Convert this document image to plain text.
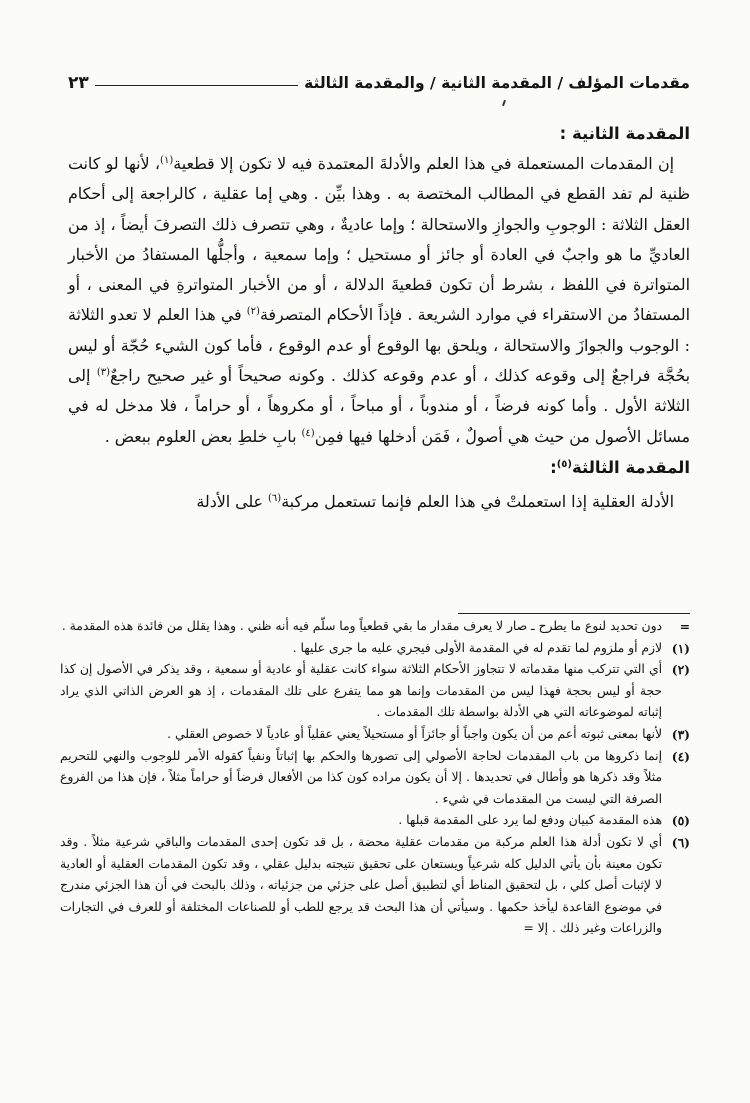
مقدمات المؤلف / المقدمة الثانية / والمقدمة الثالثة
٢٣
المقدمة الثانية :

إن المقدمات المستعملة في هذا العلم والأدلةَ المعتمدة فيه لا تكون إلا قطعية$^{(١)}$، لأنها لو كانت ظنية لم تفد القطع في المطالب المختصة به . وهذا بيِّن . وهي إما عقلية ، كالراجعة إلى أحكام العقل الثلاثة : الوجوبِ والجوازِ والاستحالة ؛ وإما عاديةٌ ، وهي تتصرف ذلك التصرفَ أيضاً ، إذ من العاديِّ ما هو واجبٌ في العادة أو جائز أو مستحيل ؛ وإما سمعية ، وأجلُّها المستفادُ من الأخبار المتواترة في اللفظ ، بشرط أن تكون قطعيةَ الدلالة ، أو من الأخبار المتواترةِ في المعنى ، أو المستفادُ من الاستقراء في موارد الشريعة . فإذاً الأحكام المتصرفة$^{(٢)}$ في هذا العلم لا تعدو الثلاثة : الوجوب والجوازَ والاستحالة ، ويلحق بها الوقوع أو عدم الوقوع ، فأما كون الشيء حُجّة أو ليس بحُجَّة فراجعٌ إلى وقوعه كذلك ، أو عدم وقوعه كذلك . وكونه صحيحاً أو غير صحيح راجعٌ$^{(٣)}$ إلى الثلاثة الأول . وأما كونه فرضاً ، أو مندوباً ، أو مباحاً ، أو مكروهاً ، أو حراماً ، فلا مدخل له في مسائل الأصول من حيث هي أصولٌ ، فَمَن أدخلها فيها فمِن$^{(٤)}$ بابِ خلطِ بعض العلوم ببعض .

المقدمة الثالثة$^{(٥)}$:

الأدلة العقلية إذا استعملتْ في هذا العلم فإنما تستعمل مركبة$^{(٦)}$ على الأدلة

=
دون تحديد لنوع ما يطرح ـ صار لا يعرف مقدار ما بقي قطعياً وما سلّم فيه أنه ظني . وهذا يقلل من فائدة هذه المقدمة .
(١)
لازم أو ملزوم لما تقدم له في المقدمة الأولى فيجري عليه ما جرى عليها .
(٢)
أي التي تتركب منها مقدماته لا تتجاوز الأحكام الثلاثة سواء كانت عقلية أو عادية أو سمعية ، وقد يذكر في الأصول إن كذا حجة أو ليس بحجة فهذا ليس من المقدمات وإنما هو مما يتفرع على تلك المقدمات ، إذ هو العرض الذاتي الذي يراد إثباته لموضوعاته التي هي الأدلة بواسطة تلك المقدمات .
(٣)
لأنها بمعنى ثبوته أعم من أن يكون واجباً أو جائزاً أو مستحيلاً يعني عقلياً أو عادياً لا خصوص العقلي .
(٤)
إنما ذكروها من باب المقدمات لحاجة الأصولي إلى تصورها والحكم بها إثباتاً ونفياً كقوله الأمر للوجوب والنهي للتحريم مثلاً وقد ذكرها هو وأطال في تحديدها . إلا أن يكون مراده كون كذا من الأفعال فرضاً أو حراماً مثلاً ، فإن هذا من الفروع الصرفة التي ليست من المقدمات في شيء .
(٥)
هذه المقدمة كبيان ودفع لما يرد على المقدمة قبلها .
(٦)
أي لا تكون أدلة هذا العلم مركبة من مقدمات عقلية محضة ، بل قد تكون إحدى المقدمات والباقي شرعية مثلاً . وقد تكون معينة بأن يأتي الدليل كله شرعياً ويستعان على تحقيق نتيجته بدليل عقلي ، وقد تكون المقدمات العقلية أو العادية لا لإثبات أصل كلي ، بل لتحقيق المناط أي لتطبيق أصل على جزئي من جزئياته ، وذلك بالبحث في أن هذا الجزئي مندرج في موضوع القاعدة ليأخذ حكمها . وسيأتي أن هذا البحث قد يرجع للطب أو للصناعات المختلفة أو للعرف في التجارات والزراعات وغير ذلك . إلا =
